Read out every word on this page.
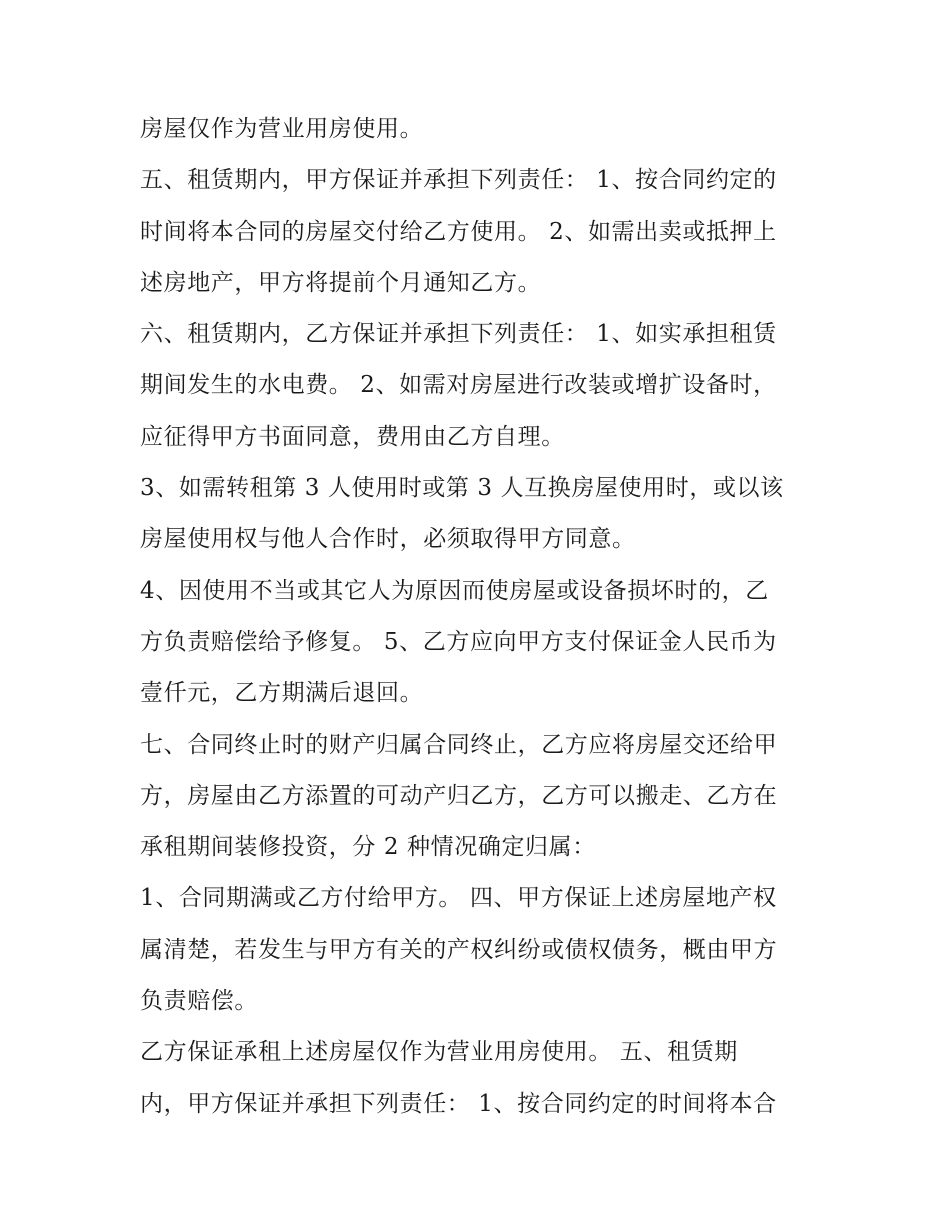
房屋仅作为营业用房使用。
五、租赁期内，甲方保证并承担下列责任： 1、按合同约定的
时间将本合同的房屋交付给乙方使用。 2、如需出卖或抵押上
述房地产，甲方将提前个月通知乙方。
六、租赁期内，乙方保证并承担下列责任： 1、如实承担租赁
期间发生的水电费。 2、如需对房屋进行改装或增扩设备时，
应征得甲方书面同意，费用由乙方自理。
3、如需转租第 3 人使用时或第 3 人互换房屋使用时，或以该
房屋使用权与他人合作时，必须取得甲方同意。
4、因使用不当或其它人为原因而使房屋或设备损坏时的，乙
方负责赔偿给予修复。 5、乙方应向甲方支付保证金人民币为
壹仟元，乙方期满后退回。
七、合同终止时的财产归属合同终止，乙方应将房屋交还给甲
方，房屋由乙方添置的可动产归乙方，乙方可以搬走、乙方在
承租期间装修投资，分 2 种情况确定归属：
1、合同期满或乙方付给甲方。 四、甲方保证上述房屋地产权
属清楚，若发生与甲方有关的产权纠纷或债权债务，概由甲方
负责赔偿。
乙方保证承租上述房屋仅作为营业用房使用。 五、租赁期
内，甲方保证并承担下列责任： 1、按合同约定的时间将本合
